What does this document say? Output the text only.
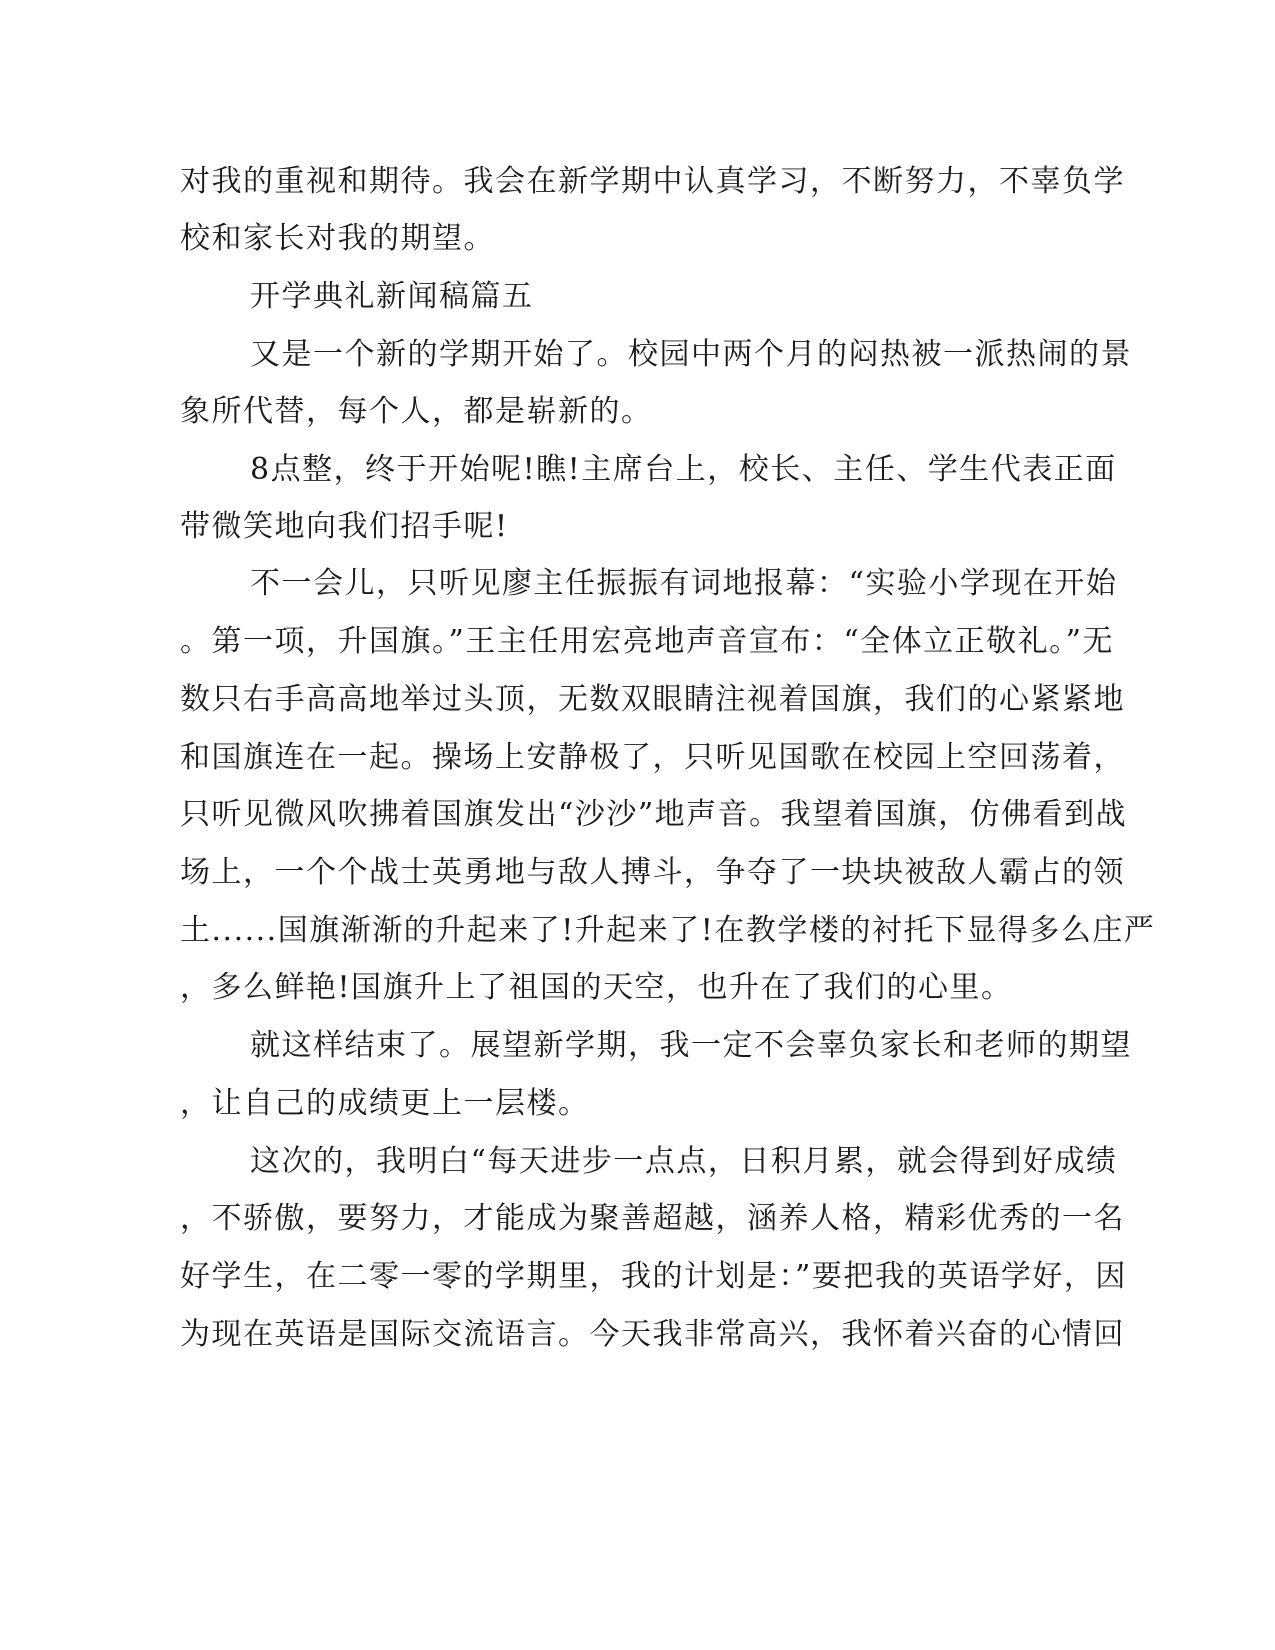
对我的重视和期待。我会在新学期中认真学习，不断努力，不辜负学
校和家长对我的期望。
开学典礼新闻稿篇五
又是一个新的学期开始了。校园中两个月的闷热被一派热闹的景
象所代替，每个人，都是崭新的。
8点整，终于开始呢!瞧!主席台上，校长、主任、学生代表正面
带微笑地向我们招手呢!
不一会儿，只听见廖主任振振有词地报幕：“实验小学现在开始
。第一项，升国旗。”王主任用宏亮地声音宣布：“全体立正敬礼。”无
数只右手高高地举过头顶，无数双眼睛注视着国旗，我们的心紧紧地
和国旗连在一起。操场上安静极了，只听见国歌在校园上空回荡着，
只听见微风吹拂着国旗发出“沙沙”地声音。我望着国旗，仿佛看到战
场上，一个个战士英勇地与敌人搏斗，争夺了一块块被敌人霸占的领
土......国旗渐渐的升起来了!升起来了!在教学楼的衬托下显得多么庄严
，多么鲜艳!国旗升上了祖国的天空，也升在了我们的心里。
就这样结束了。展望新学期，我一定不会辜负家长和老师的期望
，让自己的成绩更上一层楼。
这次的，我明白“每天进步一点点，日积月累，就会得到好成绩
，不骄傲，要努力，才能成为聚善超越，涵养人格，精彩优秀的一名
好学生，在二零一零的学期里，我的计划是：”要把我的英语学好，因
为现在英语是国际交流语言。今天我非常高兴，我怀着兴奋的心情回
